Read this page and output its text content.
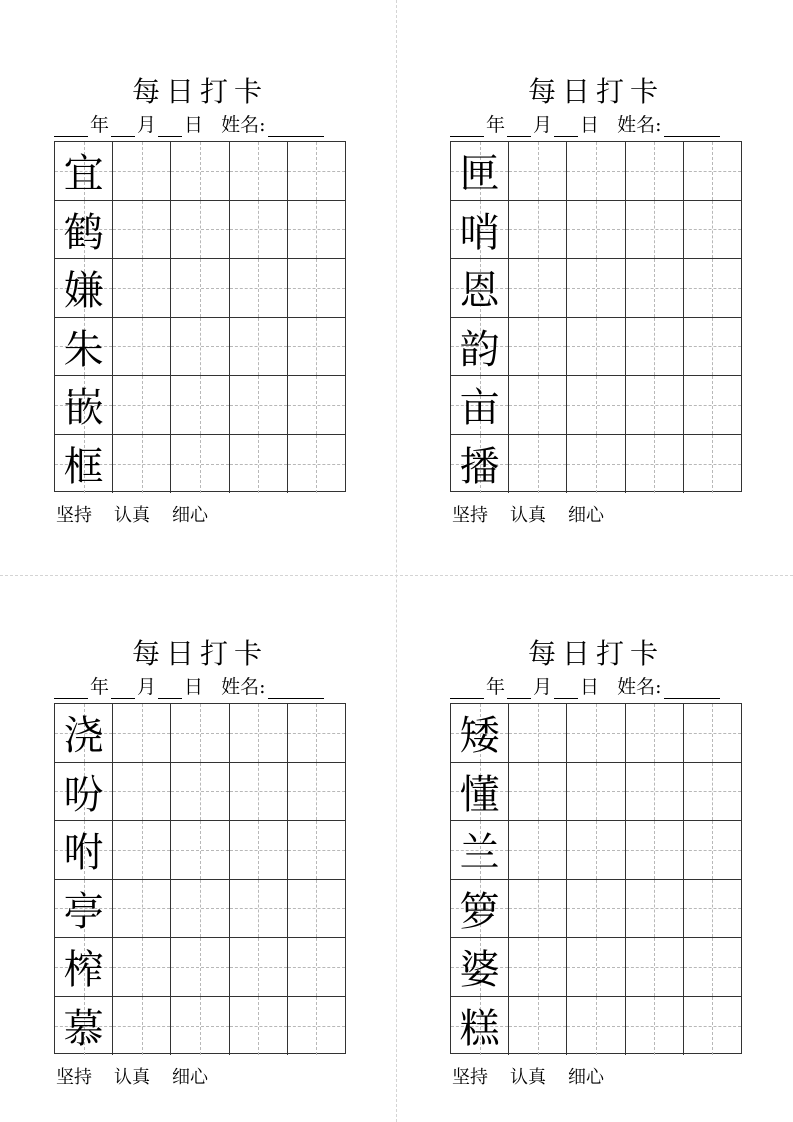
每日打卡
年 月 日 姓名:
宜
鹤
嫌
朱
嵌
框
坚持 认真 细心
每日打卡
年 月 日 姓名:
匣
哨
恩
韵
亩
播
坚持 认真 细心
每日打卡
年 月 日 姓名:
浇
吩
咐
亭
榨
慕
坚持 认真 细心
每日打卡
年 月 日 姓名:
矮
懂
兰
箩
婆
糕
坚持 认真 细心
